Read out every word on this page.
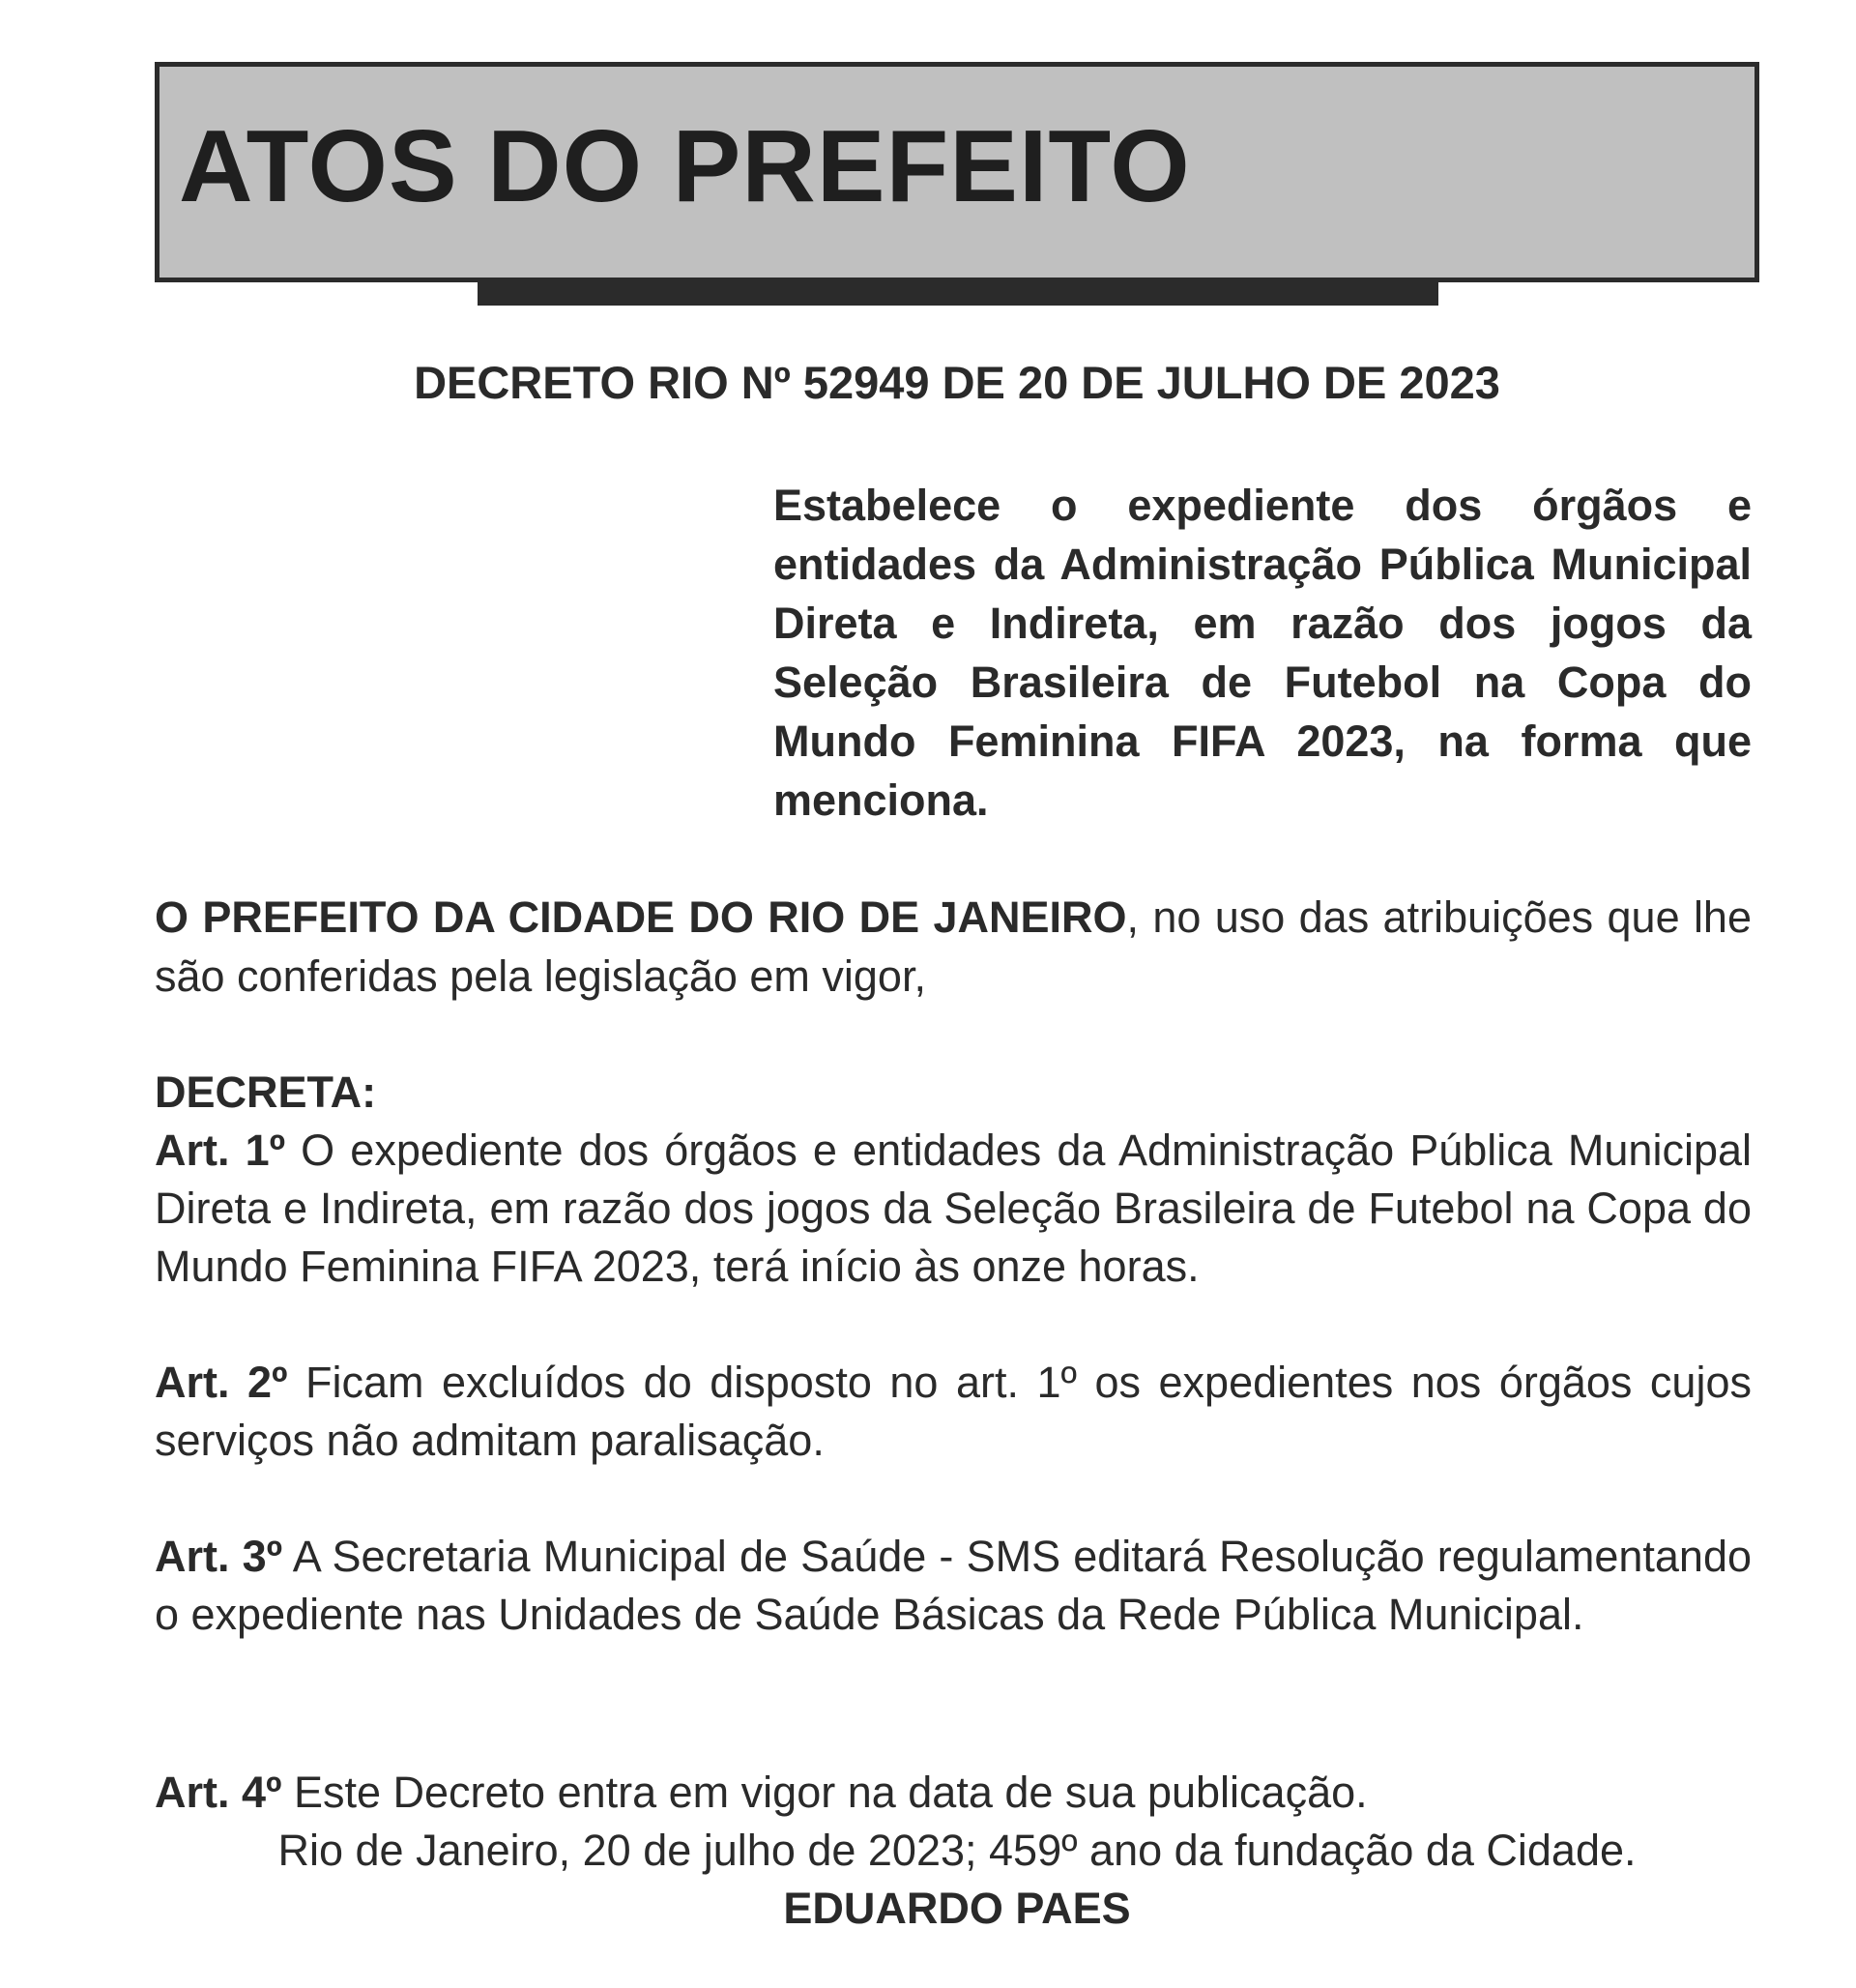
ATOS DO PREFEITO
DECRETO RIO Nº 52949 DE 20 DE JULHO DE 2023

Estabelece o expediente dos órgãos e entidades da Administração Pública Municipal Direta e Indireta, em razão dos jogos da Seleção Brasileira de Futebol na Copa do Mundo Feminina FIFA 2023, na forma que menciona.

O PREFEITO DA CIDADE DO RIO DE JANEIRO, no uso das atribuições que lhe são conferidas pela legislação em vigor,

DECRETA:

Art. 1º O expediente dos órgãos e entidades da Administração Pública Municipal Direta e Indireta, em razão dos jogos da Seleção Brasileira de Futebol na Copa do Mundo Feminina FIFA 2023, terá início às onze horas.

Art. 2º Ficam excluídos do disposto no art. 1º os expedientes nos órgãos cujos serviços não admitam paralisação.

Art. 3º A Secretaria Municipal de Saúde - SMS editará Resolução regulamentando o expediente nas Unidades de Saúde Básicas da Rede Pública Municipal.

Art. 4º Este Decreto entra em vigor na data de sua publicação.

Rio de Janeiro, 20 de julho de 2023; 459º ano da fundação da Cidade.

EDUARDO PAES
